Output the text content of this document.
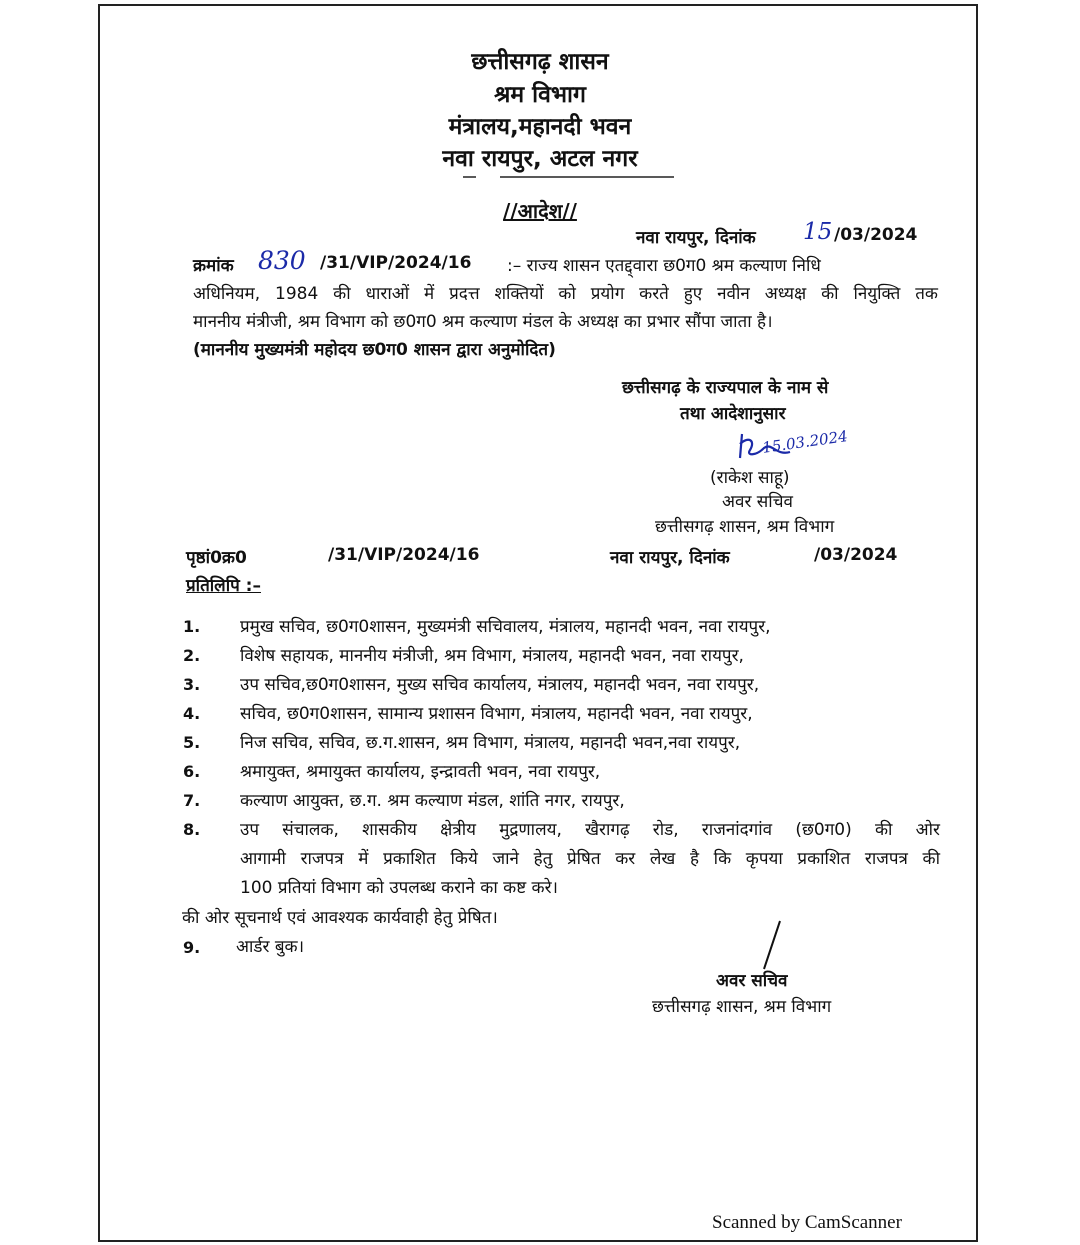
छत्तीसगढ़ शासन
श्रम विभाग
मंत्रालय,महानदी भवन
नवा रायपुर, अटल नगर
//आदेश//
नवा रायपुर, दिनांक 15 /03/2024
क्रमांक 830 /31/VIP/2024/16 :– राज्य शासन एतद्द्वारा छ0ग0 श्रम कल्याण निधि
अधिनियम, 1984 की धाराओं में प्रदत्त शक्तियों को प्रयोग करते हुए नवीन अध्यक्ष की नियुक्ति तक
माननीय मंत्रीजी, श्रम विभाग को छ0ग0 श्रम कल्याण मंडल के अध्यक्ष का प्रभार सौंपा जाता है।
(माननीय मुख्यमंत्री महोदय छ0ग0 शासन द्वारा अनुमोदित)
छत्तीसगढ़ के राज्यपाल के नाम से
तथा आदेशानुसार
15.03.2024
(राकेश साहू)
अवर सचिव
छत्तीसगढ़ शासन, श्रम विभाग
पृष्ठां0क्र0	/31/VIP/2024/16	नवा रायपुर, दिनांक	/03/2024
प्रतिलिपि :–
1. प्रमुख सचिव, छ0ग0शासन, मुख्यमंत्री सचिवालय, मंत्रालय, महानदी भवन, नवा रायपुर,
2. विशेष सहायक, माननीय मंत्रीजी, श्रम विभाग, मंत्रालय, महानदी भवन, नवा रायपुर,
3. उप सचिव,छ0ग0शासन, मुख्य सचिव कार्यालय, मंत्रालय, महानदी भवन, नवा रायपुर,
4. सचिव, छ0ग0शासन, सामान्य प्रशासन विभाग, मंत्रालय, महानदी भवन, नवा रायपुर,
5. निज सचिव, सचिव, छ.ग.शासन, श्रम विभाग, मंत्रालय, महानदी भवन,नवा रायपुर,
6. श्रमायुक्त, श्रमायुक्त कार्यालय, इन्द्रावती भवन, नवा रायपुर,
7. कल्याण आयुक्त, छ.ग. श्रम कल्याण मंडल, शांति नगर, रायपुर,
8. उप संचालक, शासकीय क्षेत्रीय मुद्रणालय, खैरागढ़ रोड, राजनांदगांव (छ0ग0) की ओर
आगामी राजपत्र में प्रकाशित किये जाने हेतु प्रेषित कर लेख है कि कृपया प्रकाशित राजपत्र की
100 प्रतियां विभाग को उपलब्ध कराने का कष्ट करे।
की ओर सूचनार्थ एवं आवश्यक कार्यवाही हेतु प्रेषित।
9. आर्डर बुक।
अवर सचिव
छत्तीसगढ़ शासन, श्रम विभाग
Scanned by CamScanner
